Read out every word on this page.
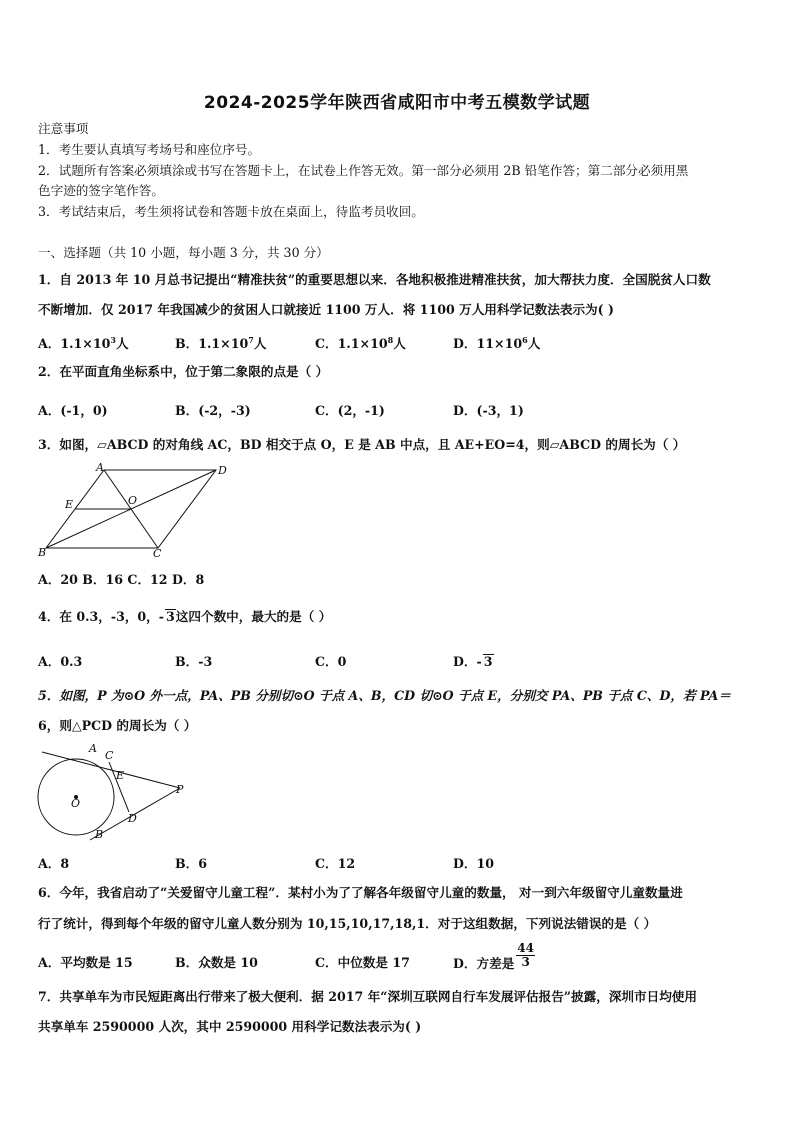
2024-2025学年陕西省咸阳市中考五模数学试题
注意事项
1．考生要认真填写考场号和座位序号。
2．试题所有答案必须填涂或书写在答题卡上，在试卷上作答无效。第一部分必须用 2B 铅笔作答；第二部分必须用黑
色字迹的签字笔作答。
3．考试结束后，考生须将试卷和答题卡放在桌面上，待监考员收回。
一、选择题（共 10 小题，每小题 3 分，共 30 分）
1．自 2013 年 10 月总书记提出“精准扶贫”的重要思想以来．各地积极推进精准扶贫，加大帮扶力度．全国脱贫人口数
不断增加．仅 2017 年我国减少的贫困人口就接近 1100 万人．将 1100 万人用科学记数法表示为( )
A．$1.1\times 10^3$人	B．$1.1\times 10^7$人	C．$1.1\times 10^8$人	D．$11\times 10^6$人
2．在平面直角坐标系中，位于第二象限的点是（ ）
A．(-1，0)	B．(-2，-3)	C．(2，-1)	D．(-3，1)
3．如图，▱ABCD 的对角线 AC，BD 相交于点 O，E 是 AB 中点，且 AE+EO=4，则▱ABCD 的周长为（ ）
A	D
E	O
B	C
A．20 B．16 C．12 D．8
4．在 0.3，-3，0，- 3这四个数中，最大的是（ ）
A．0.3	B．-3	C．0	D．- 3
5．如图，P 为⊙O 外一点，PA、PB 分别切⊙O 于点 A、B，CD 切⊙O 于点 E，分别交 PA、PB 于点 C、D，若 PA＝
6，则△PCD 的周长为（ ）
A
C
E
O
P
D
B
A．8	B．6	C．12	D．10
6．今年，我省启动了“关爱留守儿童工程”．某村小为了了解各年级留守儿童的数量， 对一到六年级留守儿童数量进
行了统计，得到每个年级的留守儿童人数分别为 10,15,10,17,18,1．对于这组数据，下列说法错误的是（ ）
A．平均数是 15	B．众数是 10	C．中位数是 17	D．方差是 $\frac{44}{3}$
7．共享单车为市民短距离出行带来了极大便利．据 2017 年“深圳互联网自行车发展评估报告”披露，深圳市日均使用
共享单车 2590000 人次，其中 2590000 用科学记数法表示为( )
